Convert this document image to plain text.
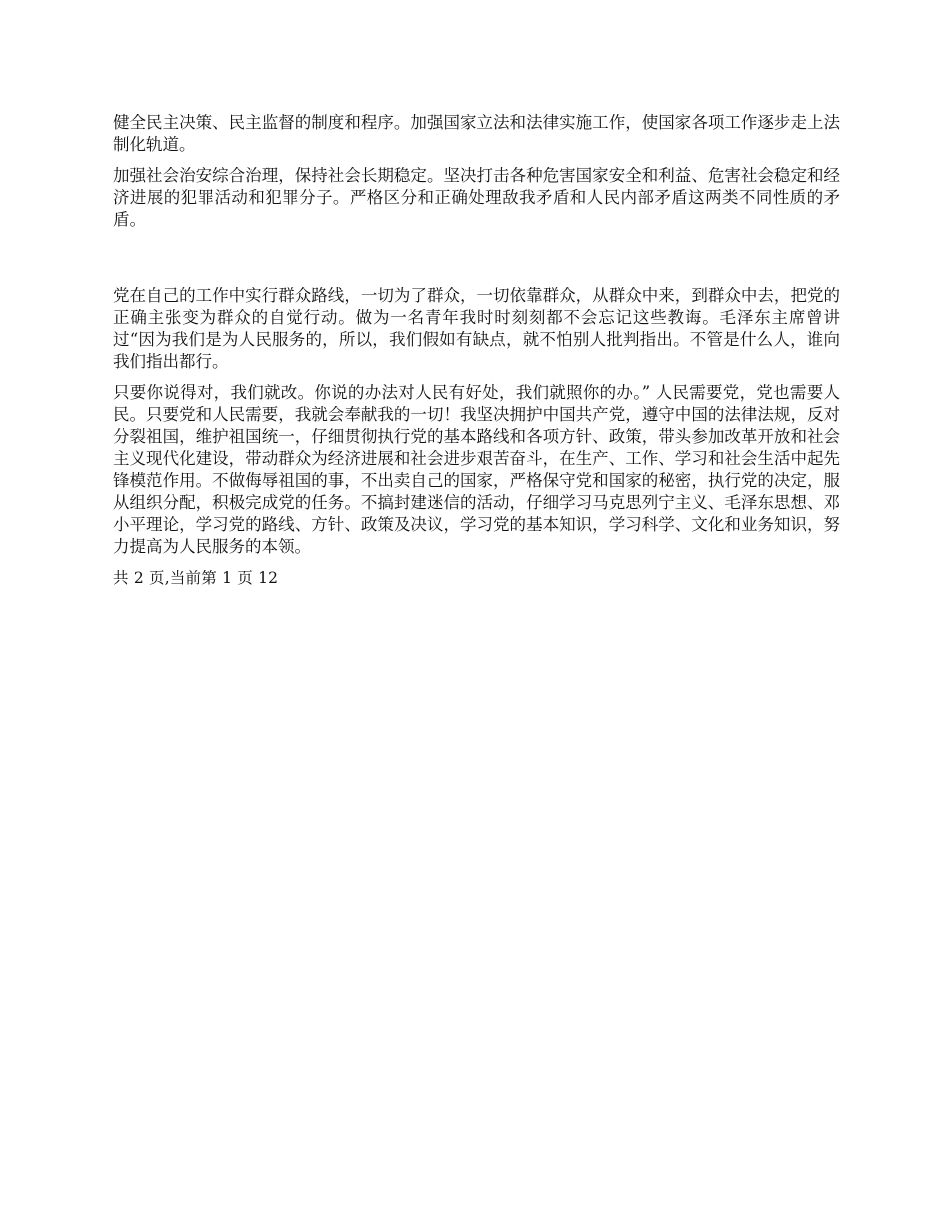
健全民主决策、民主监督的制度和程序。加强国家立法和法律实施工作，使国家各项工作逐步走上法制化轨道。

加强社会治安综合治理，保持社会长期稳定。坚决打击各种危害国家安全和利益、危害社会稳定和经济进展的犯罪活动和犯罪分子。严格区分和正确处理敌我矛盾和人民内部矛盾这两类不同性质的矛盾。

党在自己的工作中实行群众路线，一切为了群众，一切依靠群众，从群众中来，到群众中去，把党的正确主张变为群众的自觉行动。做为一名青年我时时刻刻都不会忘记这些教诲。毛泽东主席曾讲过“因为我们是为人民服务的，所以，我们假如有缺点，就不怕别人批判指出。不管是什么人，谁向我们指出都行。

只要你说得对，我们就改。你说的办法对人民有好处，我们就照你的办。” 人民需要党，党也需要人民。只要党和人民需要，我就会奉献我的一切！我坚决拥护中国共产党，遵守中国的法律法规，反对分裂祖国，维护祖国统一，仔细贯彻执行党的基本路线和各项方针、政策，带头参加改革开放和社会主义现代化建设，带动群众为经济进展和社会进步艰苦奋斗，在生产、工作、学习和社会生活中起先锋模范作用。不做侮辱祖国的事，不出卖自己的国家，严格保守党和国家的秘密，执行党的决定，服从组织分配，积极完成党的任务。不搞封建迷信的活动，仔细学习马克思列宁主义、毛泽东思想、邓小平理论，学习党的路线、方针、政策及决议，学习党的基本知识，学习科学、文化和业务知识，努力提高为人民服务的本领。

共 2 页,当前第 1 页 12
